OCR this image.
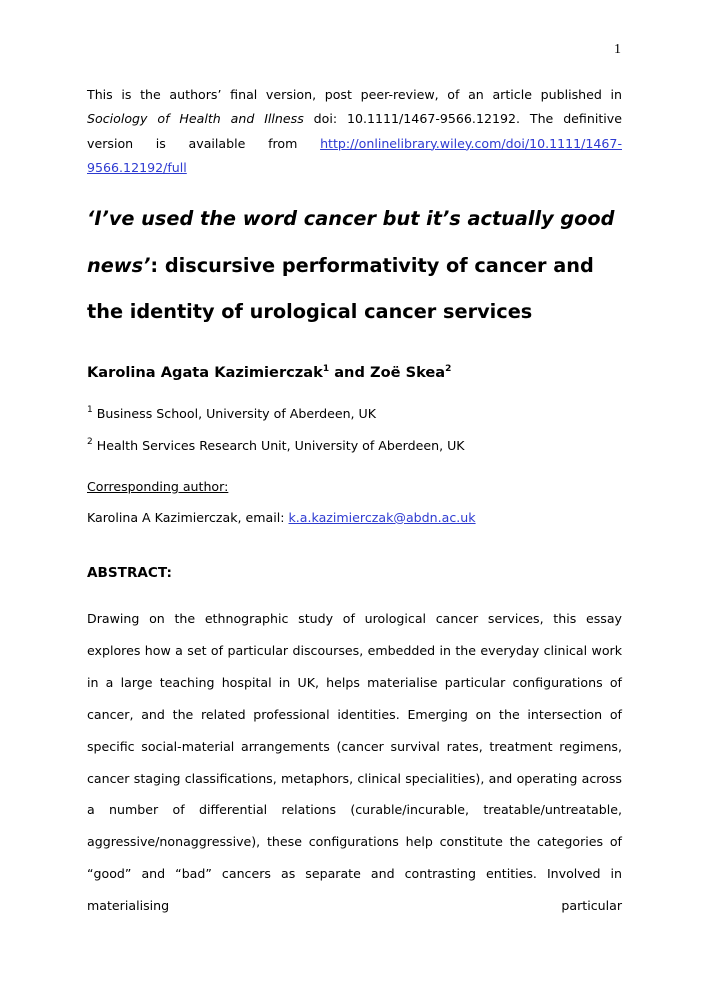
1

This is the authors’ final version, post peer-review, of an article published in

Sociology of Health and Illness doi: 10.1111/1467-9566.12192. The definitive

version is available from http://onlinelibrary.wiley.com/doi/10.1111/1467-9566.12192/full

‘I’ve used the word cancer but it’s actually good news’: discursive performativity of cancer and the identity of urological cancer services

Karolina Agata Kazimierczak$^1$ and Zoë Skea$^2$

$^1$ Business School, University of Aberdeen, UK

$^2$ Health Services Research Unit, University of Aberdeen, UK

Corresponding author:

Karolina A Kazimierczak, email: k.a.kazimierczak@abdn.ac.uk

ABSTRACT:

Drawing on the ethnographic study of urological cancer services, this essay explores how a set of particular discourses, embedded in the everyday clinical work in a large teaching hospital in UK, helps materialise particular configurations of cancer, and the related professional identities. Emerging on the intersection of specific social-material arrangements (cancer survival rates, treatment regimens, cancer staging classifications, metaphors, clinical specialities), and operating across a number of differential relations (curable/incurable, treatable/untreatable, aggressive/nonaggressive), these configurations help constitute the categories of “good” and “bad” cancers as separate and contrasting entities. Involved in materialising particular
